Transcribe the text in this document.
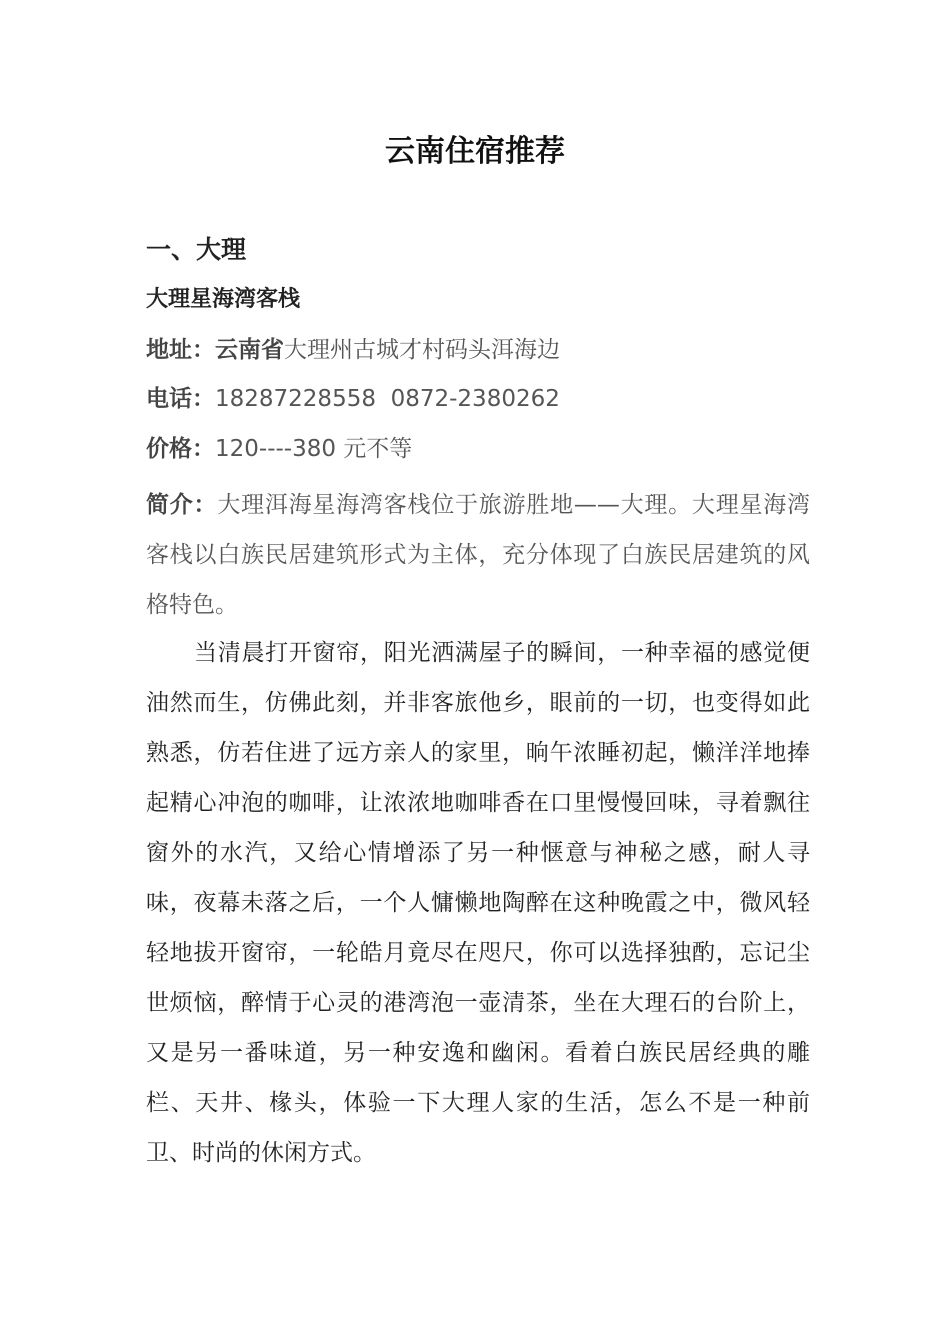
云南住宿推荐
一、大理
大理星海湾客栈

地址：云南省大理州古城才村码头洱海边

电话：18287228558  0872-2380262

价格：120----380 元不等

简介：大理洱海星海湾客栈位于旅游胜地——大理。大理星海湾客栈以白族民居建筑形式为主体，充分体现了白族民居建筑的风格特色。

当清晨打开窗帘，阳光洒满屋子的瞬间，一种幸福的感觉便油然而生，仿佛此刻，并非客旅他乡，眼前的一切，也变得如此熟悉，仿若住进了远方亲人的家里，晌午浓睡初起，懒洋洋地捧起精心冲泡的咖啡，让浓浓地咖啡香在口里慢慢回味，寻着飘往窗外的水汽，又给心情增添了另一种惬意与神秘之感，耐人寻味，夜幕未落之后，一个人慵懒地陶醉在这种晚霞之中，微风轻轻地拔开窗帘，一轮皓月竟尽在咫尺，你可以选择独酌，忘记尘世烦恼，醉情于心灵的港湾泡一壶清茶，坐在大理石的台阶上，又是另一番味道，另一种安逸和幽闲。看着白族民居经典的雕栏、天井、椽头，体验一下大理人家的生活，怎么不是一种前卫、时尚的休闲方式。
